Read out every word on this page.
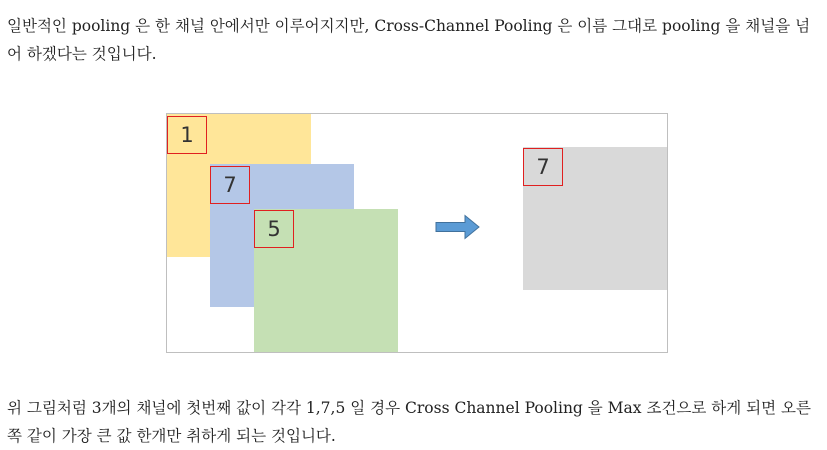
일반적인 pooling 은 한 채널 안에서만 이루어지지만, Cross-Channel Pooling 은 이름 그대로 pooling 을 채널을 넘어 하겠다는 것입니다.

1
7
5
7

위 그림처럼 3개의 채널에 첫번째 값이 각각 1,7,5 일 경우 Cross Channel Pooling 을 Max 조건으로 하게 되면 오른쪽 같이 가장 큰 값 한개만 취하게 되는 것입니다.
